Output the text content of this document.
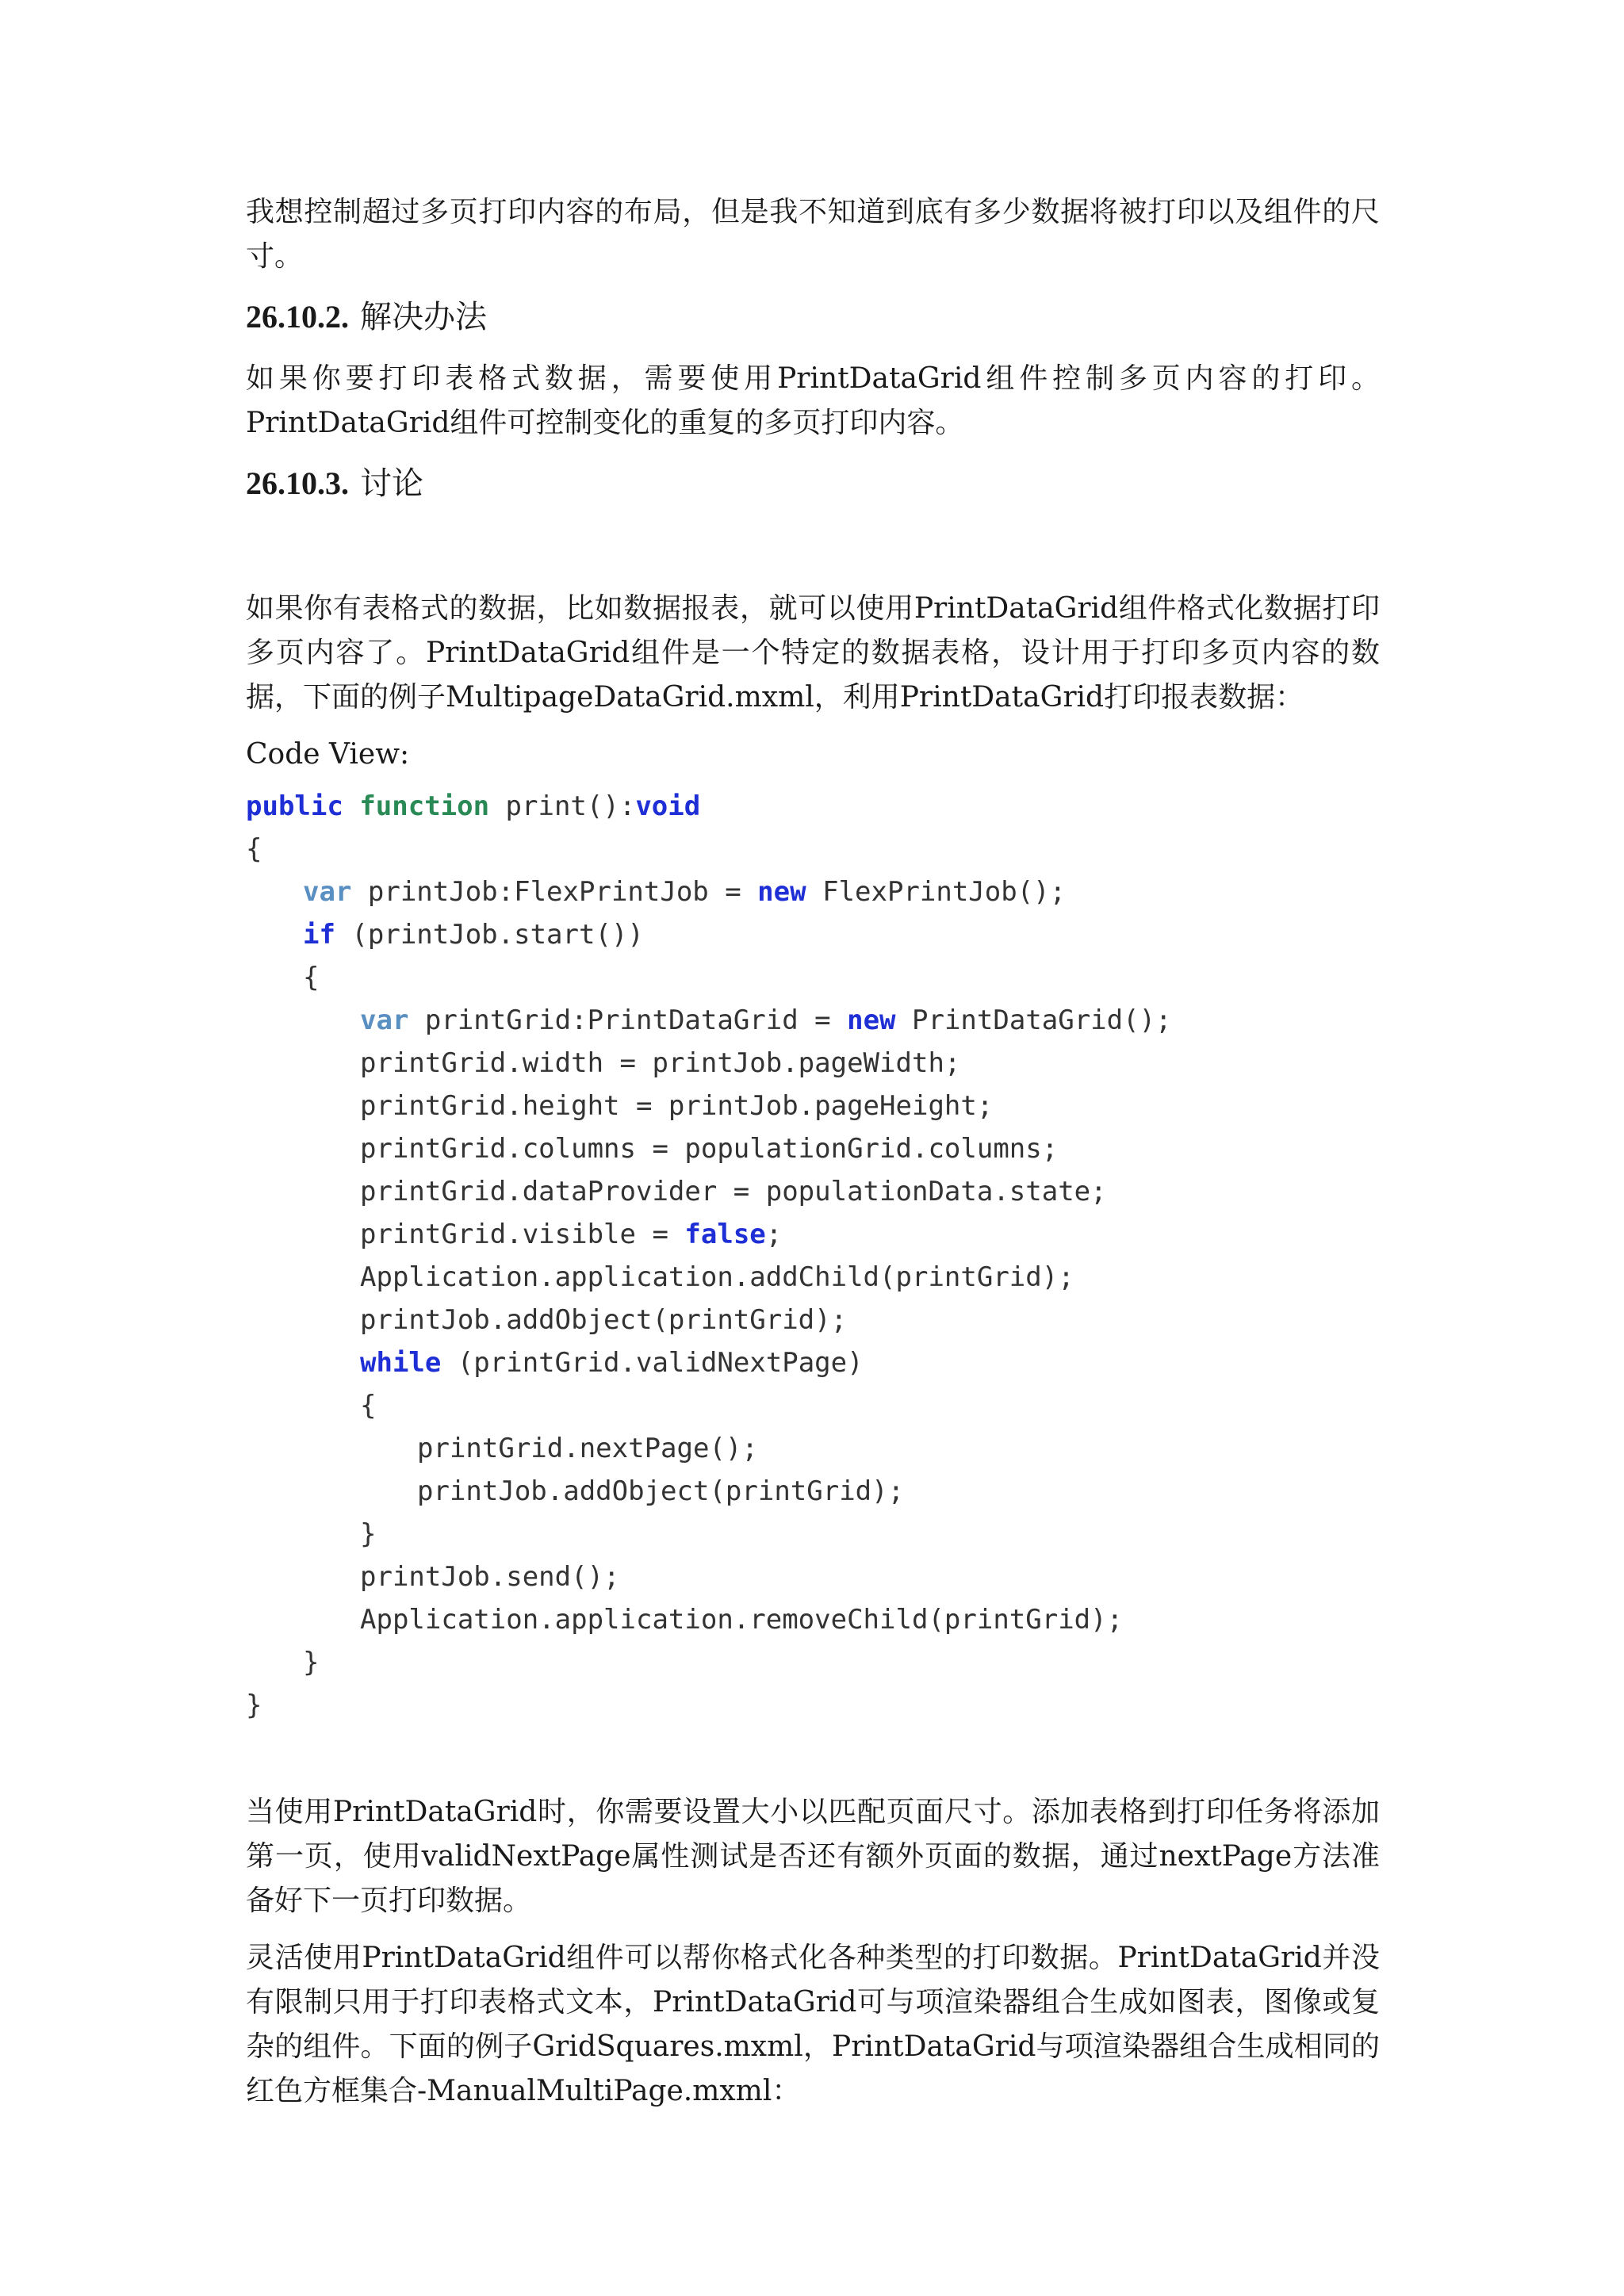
我想控制超过多页打印内容的布局，但是我不知道到底有多少数据将被打印以及组件的尺寸。

26.10.2. 解决办法

如果你要打印表格式数据，需要使用PrintDataGrid组件控制多页内容的打印。PrintDataGrid组件可控制变化的重复的多页打印内容。

26.10.3. 讨论

如果你有表格式的数据，比如数据报表，就可以使用PrintDataGrid组件格式化数据打印多页内容了。PrintDataGrid组件是一个特定的数据表格，设计用于打印多页内容的数据，下面的例子MultipageDataGrid.mxml，利用PrintDataGrid打印报表数据：

Code View:
public function print():void
{
var printJob:FlexPrintJob = new FlexPrintJob();
if (printJob.start())
{
var printGrid:PrintDataGrid = new PrintDataGrid();
printGrid.width = printJob.pageWidth;
printGrid.height = printJob.pageHeight;
printGrid.columns = populationGrid.columns;
printGrid.dataProvider = populationData.state;
printGrid.visible = false;
Application.application.addChild(printGrid);
printJob.addObject(printGrid);
while (printGrid.validNextPage)
{
printGrid.nextPage();
printJob.addObject(printGrid);
}
printJob.send();
Application.application.removeChild(printGrid);
}
}

当使用PrintDataGrid时，你需要设置大小以匹配页面尺寸。添加表格到打印任务将添加第一页，使用validNextPage属性测试是否还有额外页面的数据，通过nextPage方法准备好下一页打印数据。

灵活使用PrintDataGrid组件可以帮你格式化各种类型的打印数据。PrintDataGrid并没有限制只用于打印表格式文本，PrintDataGrid可与项渲染器组合生成如图表，图像或复杂的组件。下面的例子GridSquares.mxml，PrintDataGrid与项渲染器组合生成相同的红色方框集合-ManualMultiPage.mxml：
